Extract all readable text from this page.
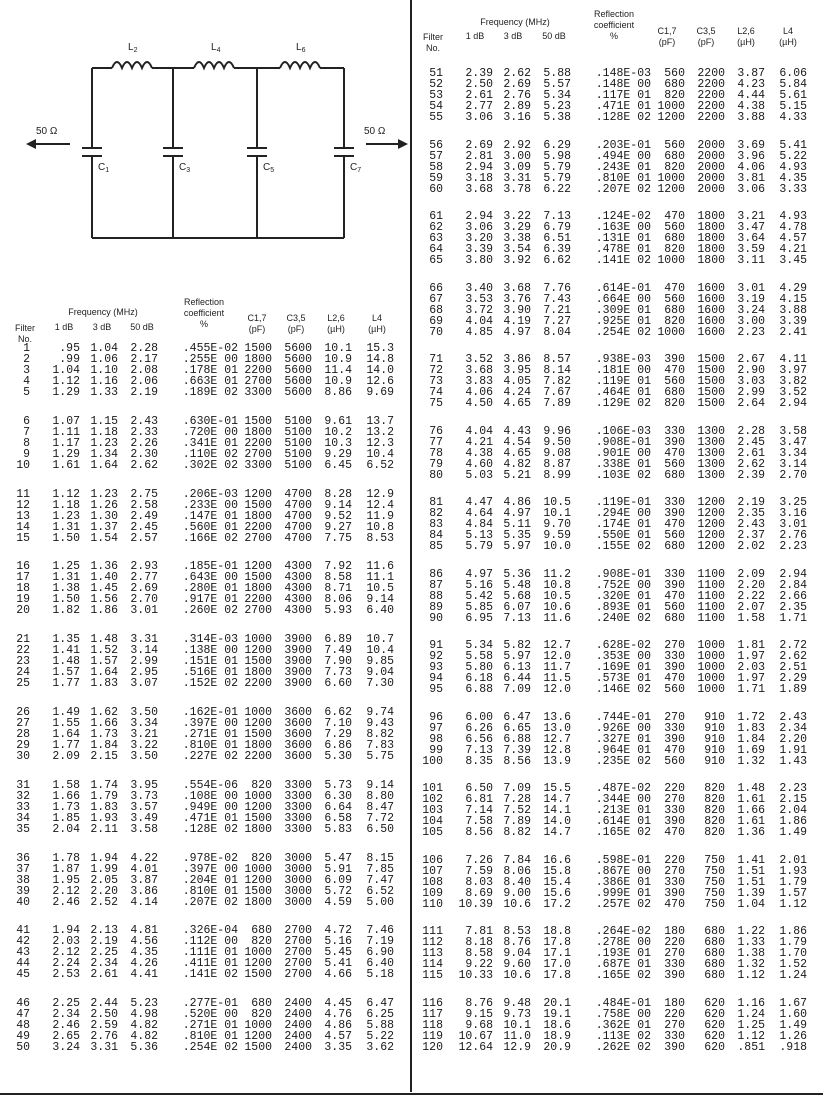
$L_2$	$L_4$	$L_6$
$C_1$	$C_3$	$C_5$	$C_7$
50 Ω	50 Ω
Filter
No.
Frequency (MHz)
1 dB	3 dB	50 dB
Reflection
coefficient
%
C1,7
(pF)
C3,5
(pF)
L2,6
(µH)
L4
(µH)
1	.95 1.04 2.28 .455E-02 1500 5600 10.1 15.3
2	.99 1.06 2.17 .255E 00 1800 5600 10.9 14.8
3 1.04 1.10 2.08 .178E 01 2200 5600 11.4 14.0
4 1.12 1.16 2.06 .663E 01 2700 5600 10.9 12.6
5 1.29 1.33 2.19 .189E 02 3300 5600 8.86 9.69
6 1.07 1.15 2.43 .630E-01 1500 5100 9.61 13.7
7 1.11 1.18 2.33 .720E 00 1800 5100 10.2 13.2
8 1.17 1.23 2.26 .341E 01 2200 5100 10.3 12.3
9 1.29 1.34 2.30 .110E 02 2700 5100 9.29 10.4
10 1.61 1.64 2.62 .302E 02 3300 5100 6.45 6.52
11 1.12 1.23 2.75 .206E-03 1200 4700 8.28 12.9
12 1.18 1.26 2.58 .233E 00 1500 4700 9.14 12.4
13 1.23 1.30 2.49 .147E 01 1800 4700 9.52 11.9
14 1.31 1.37 2.45 .560E 01 2200 4700 9.27 10.8
15 1.50 1.54 2.57 .166E 02 2700 4700 7.75 8.53
16 1.25 1.36 2.93 .185E-01 1200 4300 7.92 11.6
17 1.31 1.40 2.77 .643E 00 1500 4300 8.58 11.1
18 1.38 1.45 2.69 .280E 01 1800 4300 8.71 10.5
19 1.50 1.56 2.70 .917E 01 2200 4300 8.06 9.14
20 1.82 1.86 3.01 .260E 02 2700 4300 5.93 6.40
21 1.35 1.48 3.31 .314E-03 1000 3900 6.89 10.7
22 1.41 1.52 3.14 .138E 00 1200 3900 7.49 10.4
23 1.48 1.57 2.99 .151E 01 1500 3900 7.90 9.85
24 1.57 1.64 2.95 .516E 01 1800 3900 7.73 9.04
25 1.77 1.83 3.07 .152E 02 2200 3900 6.60 7.30
26 1.49 1.62 3.50 .162E-01 1000 3600 6.62 9.74
27 1.55 1.66 3.34 .397E 00 1200 3600 7.10 9.43
28 1.64 1.73 3.21 .271E 01 1500 3600 7.29 8.82
29 1.77 1.84 3.22 .810E 01 1800 3600 6.86 7.83
30 2.09 2.15 3.50 .227E 02 2200 3600 5.30 5.75
31 1.58 1.74 3.95 .554E-06 820 3300 5.73 9.14
32 1.66 1.79 3.73 .108E 00 1000 3300 6.30 8.80
33 1.73 1.83 3.57 .949E 00 1200 3300 6.64 8.47
34 1.85 1.93 3.49 .471E 01 1500 3300 6.58 7.72
35 2.04 2.11 3.58 .128E 02 1800 3300 5.83 6.50
36 1.78 1.94 4.22 .978E-02 820 3000 5.47 8.15
37 1.87 1.99 4.01 .397E 00 1000 3000 5.91 7.85
38 1.95 2.05 3.87 .204E 01 1200 3000 6.09 7.47
39 2.12 2.20 3.86 .810E 01 1500 3000 5.72 6.52
40 2.46 2.52 4.14 .207E 02 1800 3000 4.59 5.00
41 1.94 2.13 4.81 .326E-04 680 2700 4.72 7.46
42 2.03 2.19 4.56 .112E 00 820 2700 5.16 7.19
43 2.12 2.25 4.35 .111E 01 1000 2700 5.45 6.90
44 2.24 2.34 4.26 .411E 01 1200 2700 5.41 6.40
45 2.53 2.61 4.41 .141E 02 1500 2700 4.66 5.18
46 2.25 2.44 5.23 .277E-01 680 2400 4.45 6.47
47 2.34 2.50 4.98 .520E 00 820 2400 4.76 6.25
48 2.46 2.59 4.82 .271E 01 1000 2400 4.86 5.88
49 2.65 2.76 4.82 .810E 01 1200 2400 4.57 5.22
50 3.24 3.31 5.36 .254E 02 1500 2400 3.35 3.62
Filter
No.
Frequency (MHz)
1 dB	3 dB	50 dB
Reflection
coefficient
%	C1,7
(pF)
C3,5
(pF)
L2,6
(µH)
L4
(µH)
51 2.39 2.62 5.88 .148E-03 560 2200 3.87 6.06
52 2.50 2.69 5.57 .148E 00 680 2200 4.23 5.84
53 2.61 2.76 5.34 .117E 01 820 2200 4.44 5.61
54 2.77 2.89 5.23 .471E 01 1000 2200 4.38 5.15
55 3.06 3.16 5.38 .128E 02 1200 2200 3.88 4.33
56 2.69 2.92 6.29 .203E-01 560 2000 3.69 5.41
57 2.81 3.00 5.98 .494E 00 680 2000 3.96 5.22
58 2.94 3.09 5.79 .243E 01 820 2000 4.06 4.93
59 3.18 3.31 5.79 .810E 01 1000 2000 3.81 4.35
60 3.68 3.78 6.22 .207E 02 1200 2000 3.06 3.33
61 2.94 3.22 7.13 .124E-02 470 1800 3.21 4.93
62 3.06 3.29 6.79 .163E 00 560 1800 3.47 4.78
63 3.20 3.38 6.51 .131E 01 680 1800 3.64 4.57
64 3.39 3.54 6.39 .478E 01 820 1800 3.59 4.21
65 3.80 3.92 6.62 .141E 02 1000 1800 3.11 3.45
66 3.40 3.68 7.76 .614E-01 470 1600 3.01 4.29
67 3.53 3.76 7.43 .664E 00 560 1600 3.19 4.15
68 3.72 3.90 7.21 .309E 01 680 1600 3.24 3.88
69 4.04 4.19 7.27 .925E 01 820 1600 3.00 3.39
70 4.85 4.97 8.04 .254E 02 1000 1600 2.23 2.41
71 3.52 3.86 8.57 .938E-03 390 1500 2.67 4.11
72 3.68 3.95 8.14 .181E 00 470 1500 2.90 3.97
73 3.83 4.05 7.82 .119E 01 560 1500 3.03 3.82
74 4.06 4.24 7.67 .464E 01 680 1500 2.99 3.52
75 4.50 4.65 7.89 .129E 02 820 1500 2.64 2.94
76 4.04 4.43 9.96 .106E-03 330 1300 2.28 3.58
77 4.21 4.54 9.50 .908E-01 390 1300 2.45 3.47
78 4.38 4.65 9.08 .901E 00 470 1300 2.61 3.34
79 4.60 4.82 8.87 .338E 01 560 1300 2.62 3.14
80 5.03 5.21 8.99 .103E 02 680 1300 2.39 2.70
81 4.47 4.86 10.5 .119E-01 330 1200 2.19 3.25
82 4.64 4.97 10.1 .294E 00 390 1200 2.35 3.16
83 4.84 5.11 9.70 .174E 01 470 1200 2.43 3.01
84 5.13 5.35 9.59 .550E 01 560 1200 2.37 2.76
85 5.79 5.97 10.0 .155E 02 680 1200 2.02 2.23
86 4.97 5.36 11.2 .908E-01 330 1100 2.09 2.94
87 5.16 5.48 10.8 .752E 00 390 1100 2.20 2.84
88 5.42 5.68 10.5 .320E 01 470 1100 2.22 2.66
89 5.85 6.07 10.6 .893E 01 560 1100 2.07 2.35
90 6.95 7.13 11.6 .240E 02 680 1100 1.58 1.71
91 5.34 5.82 12.7 .628E-02 270 1000 1.81 2.72
92 5.58 5.97 12.0 .353E 00 330 1000 1.97 2.62
93 5.80 6.13 11.7 .169E 01 390 1000 2.03 2.51
94 6.18 6.44 11.5 .573E 01 470 1000 1.97 2.29
95 6.88 7.09 12.0 .146E 02 560 1000 1.71 1.89
96 6.00 6.47 13.6 .744E-01 270 910 1.72 2.43
97 6.26 6.65 13.0 .926E 00 330 910 1.83 2.34
98 6.56 6.88 12.7 .327E 01 390 910 1.84 2.20
99 7.13 7.39 12.8 .964E 01 470 910 1.69 1.91
100 8.35 8.56 13.9 .235E 02 560 910 1.32 1.43
101 6.50 7.09 15.5 .487E-02 220 820 1.48 2.23
102 6.81 7.28 14.7 .344E 00 270 820 1.61 2.15
103 7.14 7.52 14.1 .213E 01 330 820 1.66 2.04
104 7.58 7.89 14.0 .614E 01 390 820 1.61 1.86
105 8.56 8.82 14.7 .165E 02 470 820 1.36 1.49
106 7.26 7.84 16.6 .598E-01 220 750 1.41 2.01
107 7.59 8.06 15.8 .867E 00 270 750 1.51 1.93
108 8.03 8.40 15.4 .386E 01 330 750 1.51 1.79
109 8.69 9.00 15.6 .999E 01 390 750 1.39 1.57
110 10.39 10.6 17.2 .257E 02 470 750 1.04 1.12
111 7.81 8.53 18.8 .264E-02 180 680 1.22 1.86
112 8.18 8.76 17.8 .278E 00 220 680 1.33 1.79
113 8.58 9.04 17.1 .193E 01 270 680 1.38 1.70
114 9.22 9.60 17.0 .687E 01 330 680 1.32 1.52
115 10.33 10.6 17.8 .165E 02 390 680 1.12 1.24
116 8.76 9.48 20.1 .484E-01 180 620 1.16 1.67
117 9.15 9.73 19.1 .758E 00 220 620 1.24 1.60
118 9.68 10.1 18.6 .362E 01 270 620 1.25 1.49
119 10.67 11.0 18.9 .113E 02 330 620 1.12 1.26
120 12.64 12.9 20.9 .262E 02 390 620 .851 .918
